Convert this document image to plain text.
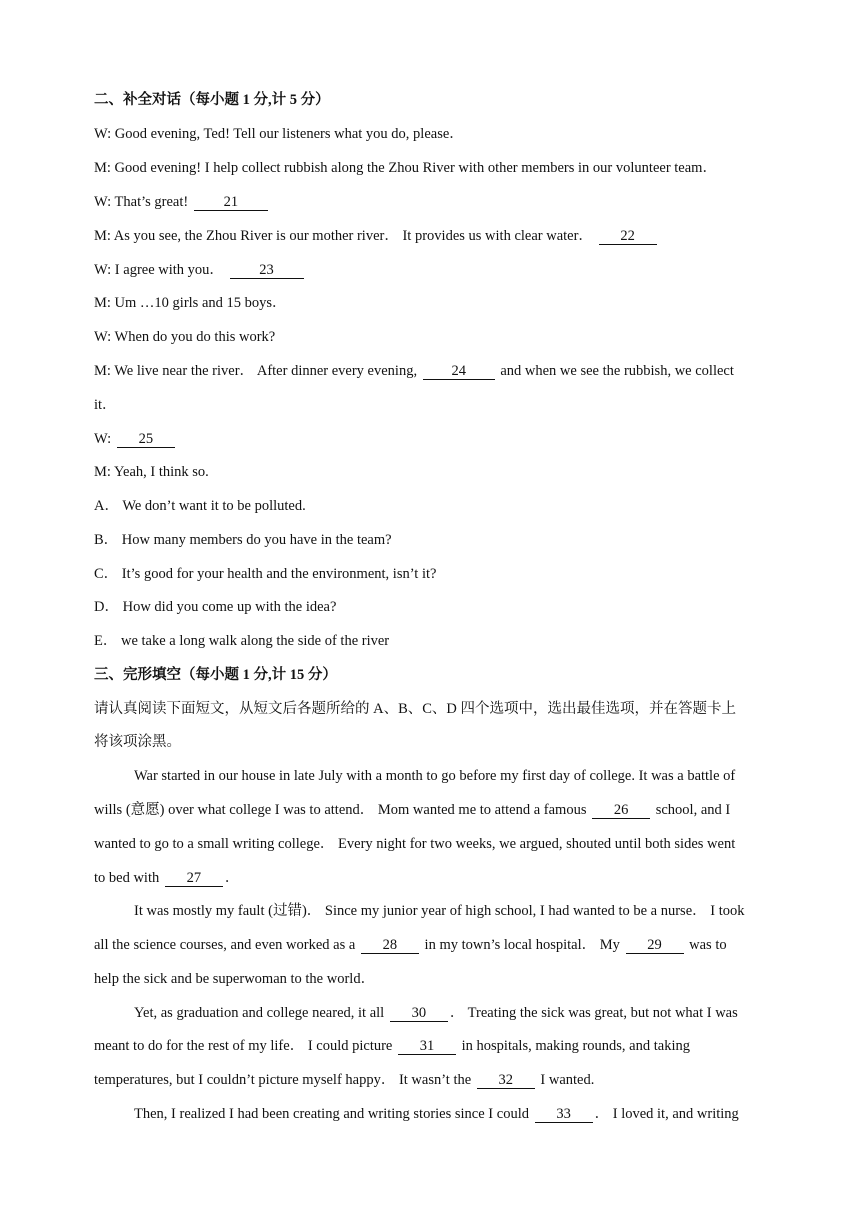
二、补全对话（每小题 1 分,计 5 分）
W: Good evening, Ted! Tell our listeners what you do, please．
M: Good evening! I help collect rubbish along the Zhou River with other members in our volunteer team．
W: That’s great! 21
M: As you see, the Zhou River is our mother river． It provides us with clear water． 22
W: I agree with you． 23
M: Um …10 girls and 15 boys．
W: When do you do this work?
M: We live near the river． After dinner every evening, 24 and when we see the rubbish, we collect
it．
W: 25
M: Yeah, I think so.
A． We don’t want it to be polluted.
B． How many members do you have in the team?
C． It’s good for your health and the environment, isn’t it?
D． How did you come up with the idea?
E． we take a long walk along the side of the river
三、完形填空（每小题 1 分,计 15 分）
请认真阅读下面短文，从短文后各题所给的 A、B、C、D 四个选项中，选出最佳选项，并在答题卡上
将该项涂黑。
War started in our house in late July with a month to go before my first day of college. It was a battle of
wills (意愿) over what college I was to attend． Mom wanted me to attend a famous 26 school, and I
wanted to go to a small writing college． Every night for two weeks, we argued, shouted until both sides went
to bed with 27 ．
It was mostly my fault (过错)． Since my junior year of high school, I had wanted to be a nurse． I took
all the science courses, and even worked as a 28 in my town’s local hospital． My 29 was to
help the sick and be superwoman to the world．
Yet, as graduation and college neared, it all 30 ． Treating the sick was great, but not what I was
meant to do for the rest of my life． I could picture 31 in hospitals, making rounds, and taking
temperatures, but I couldn’t picture myself happy． It wasn’t the 32 I wanted.
Then, I realized I had been creating and writing stories since I could 33 ． I loved it, and writing
